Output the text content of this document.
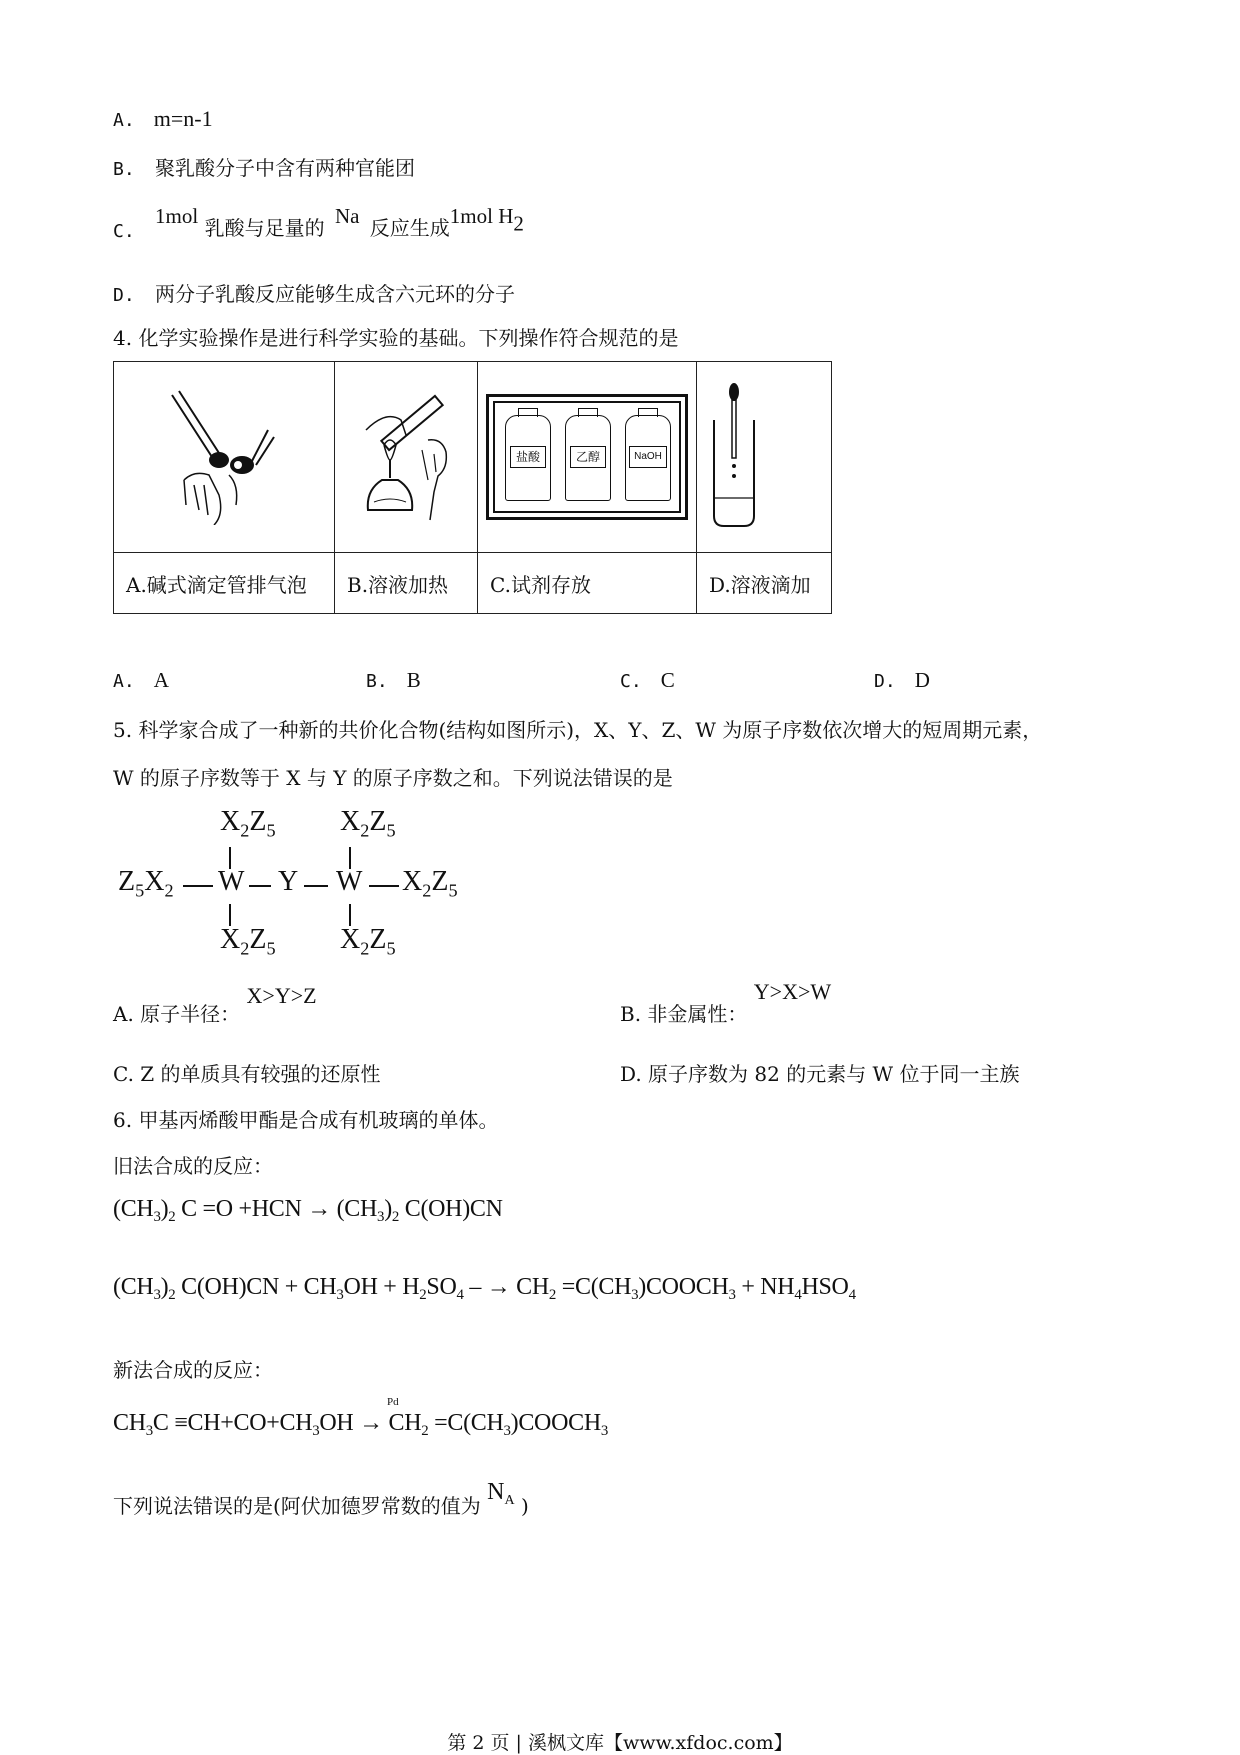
A. m=n-1
B. 聚乳酸分子中含有两种官能团
C. 1mol 乳酸与足量的 Na 反应生成1mol $H_2$
D. 两分子乳酸反应能够生成含六元环的分子
4. 化学实验操作是进行科学实验的基础。下列操作符合规范的是

盐酸 乙醇 NaOH

A.碱式滴定管排气泡	B.溶液加热	C.试剂存放	D.溶液滴加
A. A	B. B	C. C	D. D
5. 科学家合成了一种新的共价化合物(结构如图所示)，X、Y、Z、W 为原子序数依次增大的短周期元素，
W 的原子序数等于 X 与 Y 的原子序数之和。下列说法错误的是
$X_2Z_5$ $X_2Z_5$
$Z_5X_2$ W Y W $X_2Z_5$
$X_2Z_5$ $X_2Z_5$
A. 原子半径： X>Y>Z
B. 非金属性： Y>X>W
C. Z 的单质具有较强的还原性	D. 原子序数为 82 的元素与 W 位于同一主族
6. 甲基丙烯酸甲酯是合成有机玻璃的单体。
旧法合成的反应：
$(CH_3)_2$ $C =O +HCN \to (CH_3)_2$ C(OH)CN
$(CH_3)_2$ $C(OH)CN + CH_3OH + H_2SO_4$ – → $CH_2$ $=C(CH_3)COOCH_3 + NH_4HSO_4$
新法合成的反应：
Pd
$CH_3C \equiv CH+CO+CH_3OH \to CH_2$ $=C(CH_3)COOCH_3$
下列说法错误的是(阿伏加德罗常数的值为 $N_A$ )
第 2 页 | 溪枫文库【www.xfdoc.com】
